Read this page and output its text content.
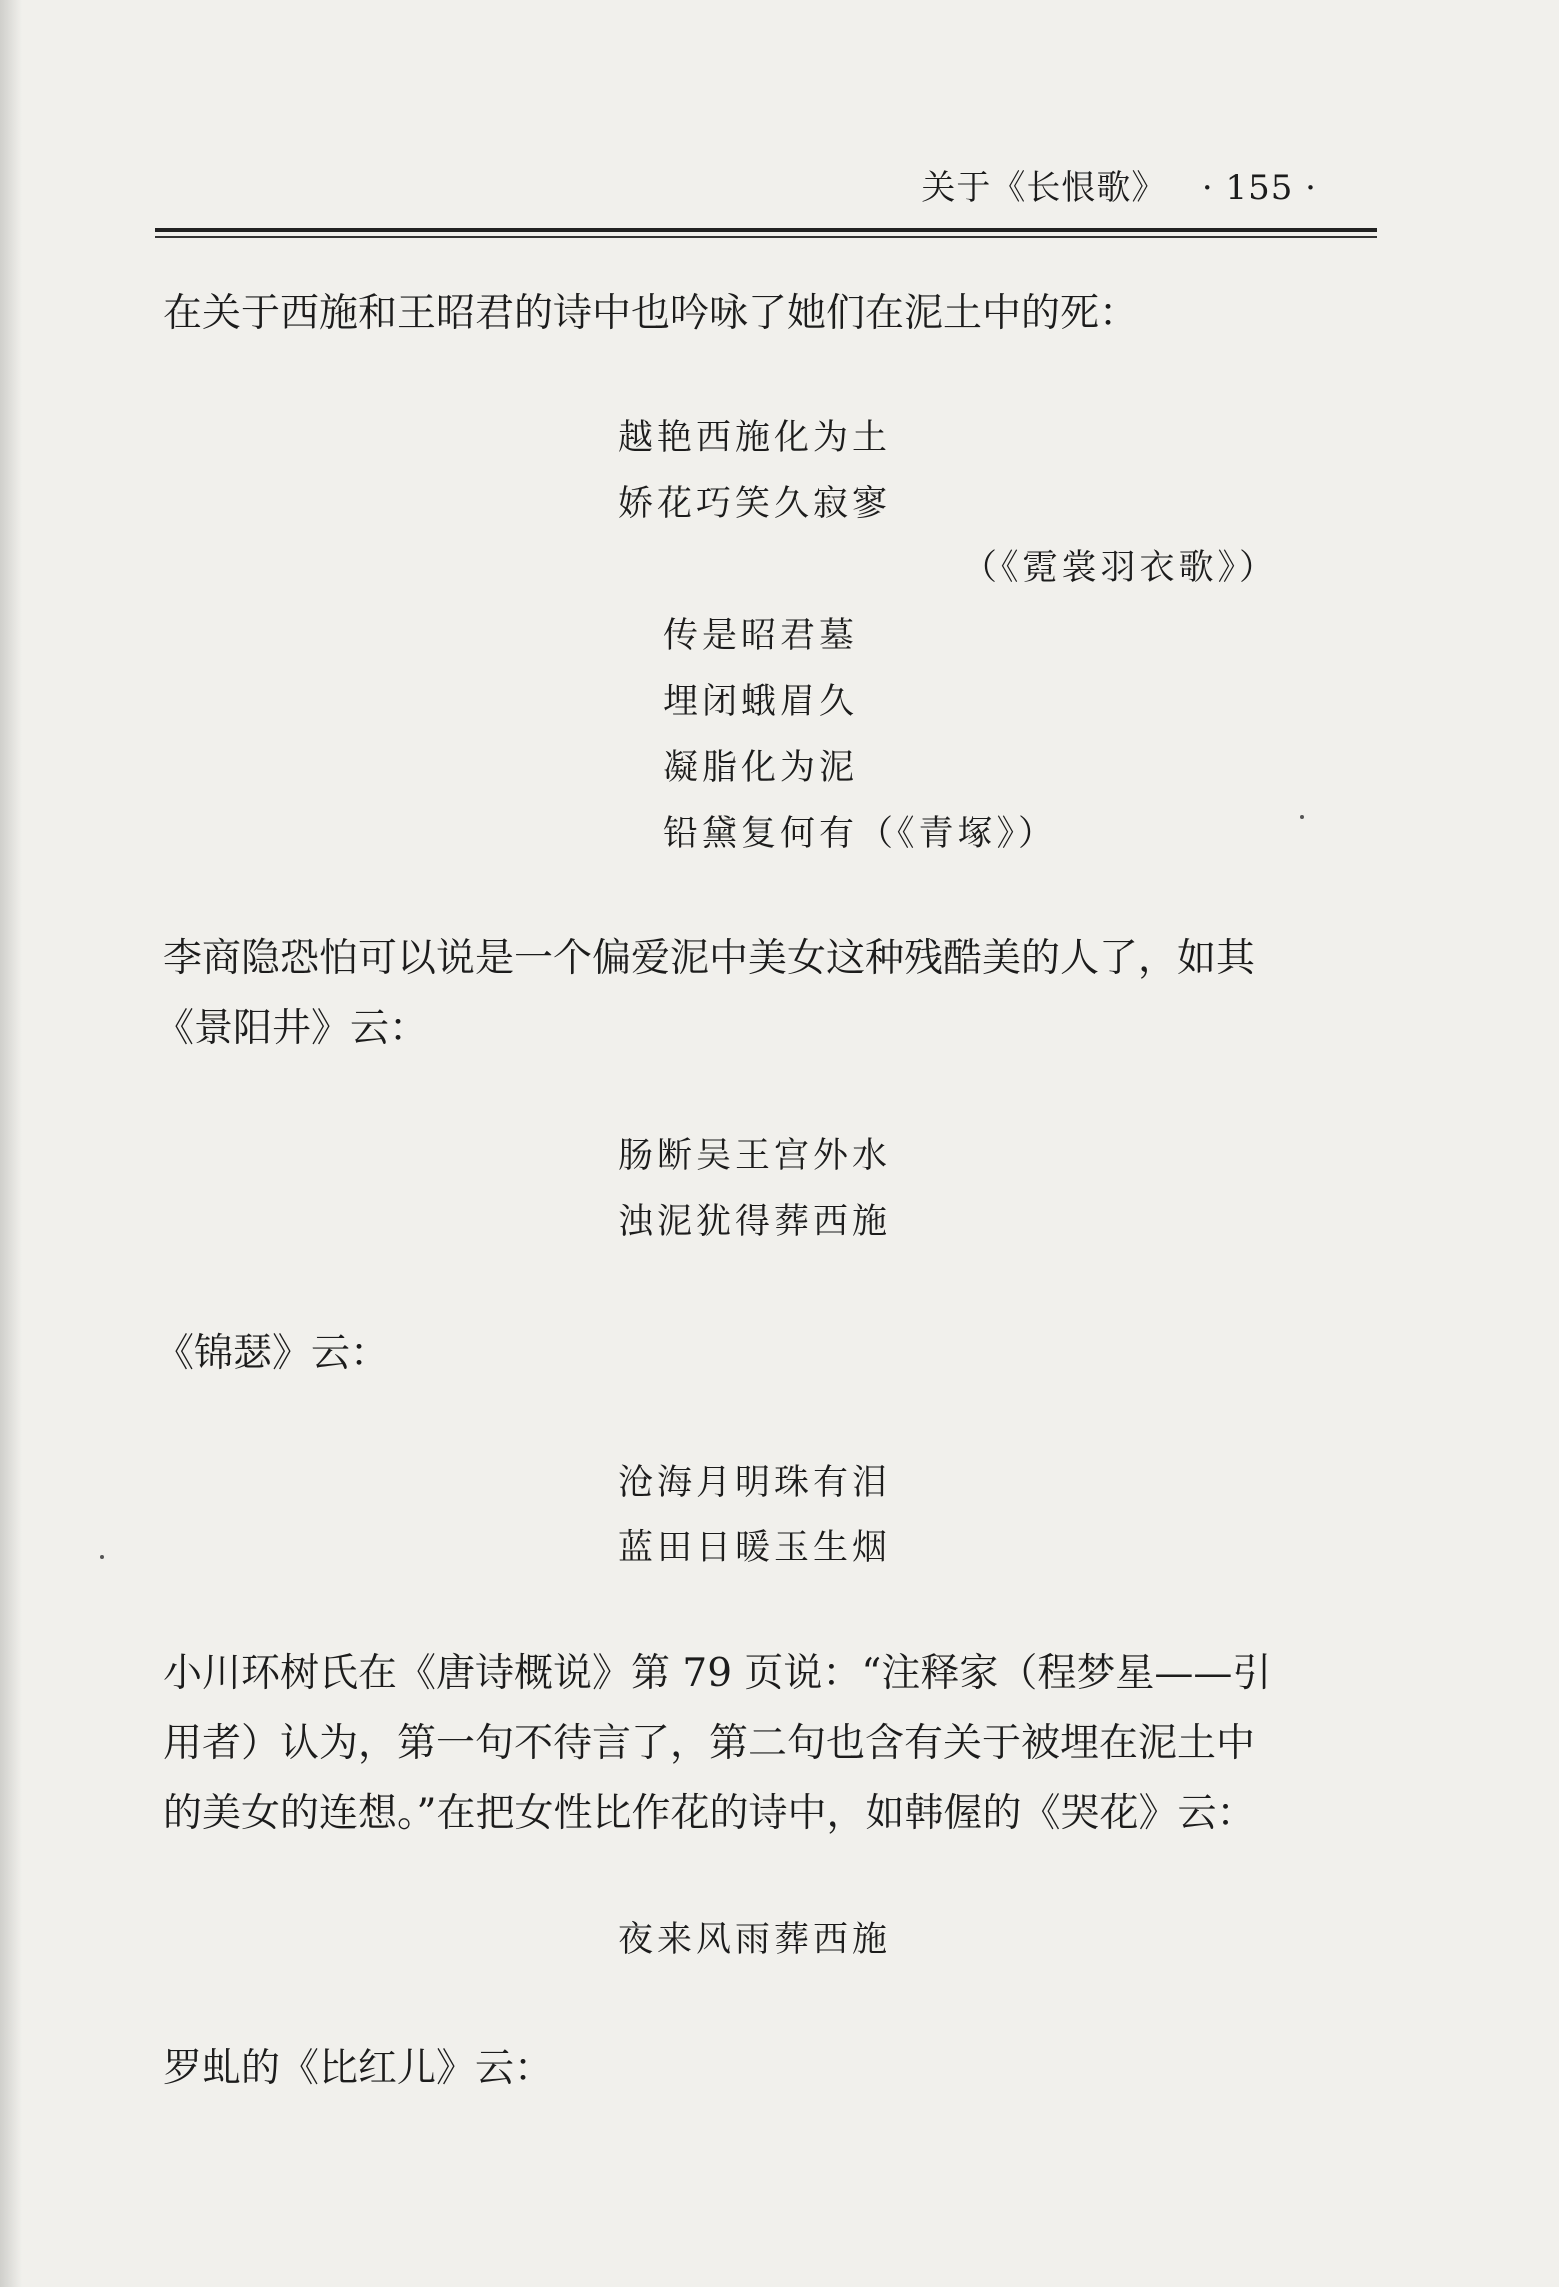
关于《长恨歌》 · 155 ·
在关于西施和王昭君的诗中也吟咏了她们在泥土中的死：
越艳西施化为土
娇花巧笑久寂寥
（《霓裳羽衣歌》）
传是昭君墓
埋闭蛾眉久
凝脂化为泥
铅黛复何有（《青塚》）
李商隐恐怕可以说是一个偏爱泥中美女这种残酷美的人了，如其
《景阳井》云：
肠断吴王宫外水
浊泥犹得葬西施
《锦瑟》云：
沧海月明珠有泪
蓝田日暖玉生烟
小川环树氏在《唐诗概说》第 79 页说：“注释家（程梦星——引
用者）认为，第一句不待言了，第二句也含有关于被埋在泥土中
的美女的连想。”在把女性比作花的诗中，如韩偓的《哭花》云：
夜来风雨葬西施
罗虬的《比红儿》云：
